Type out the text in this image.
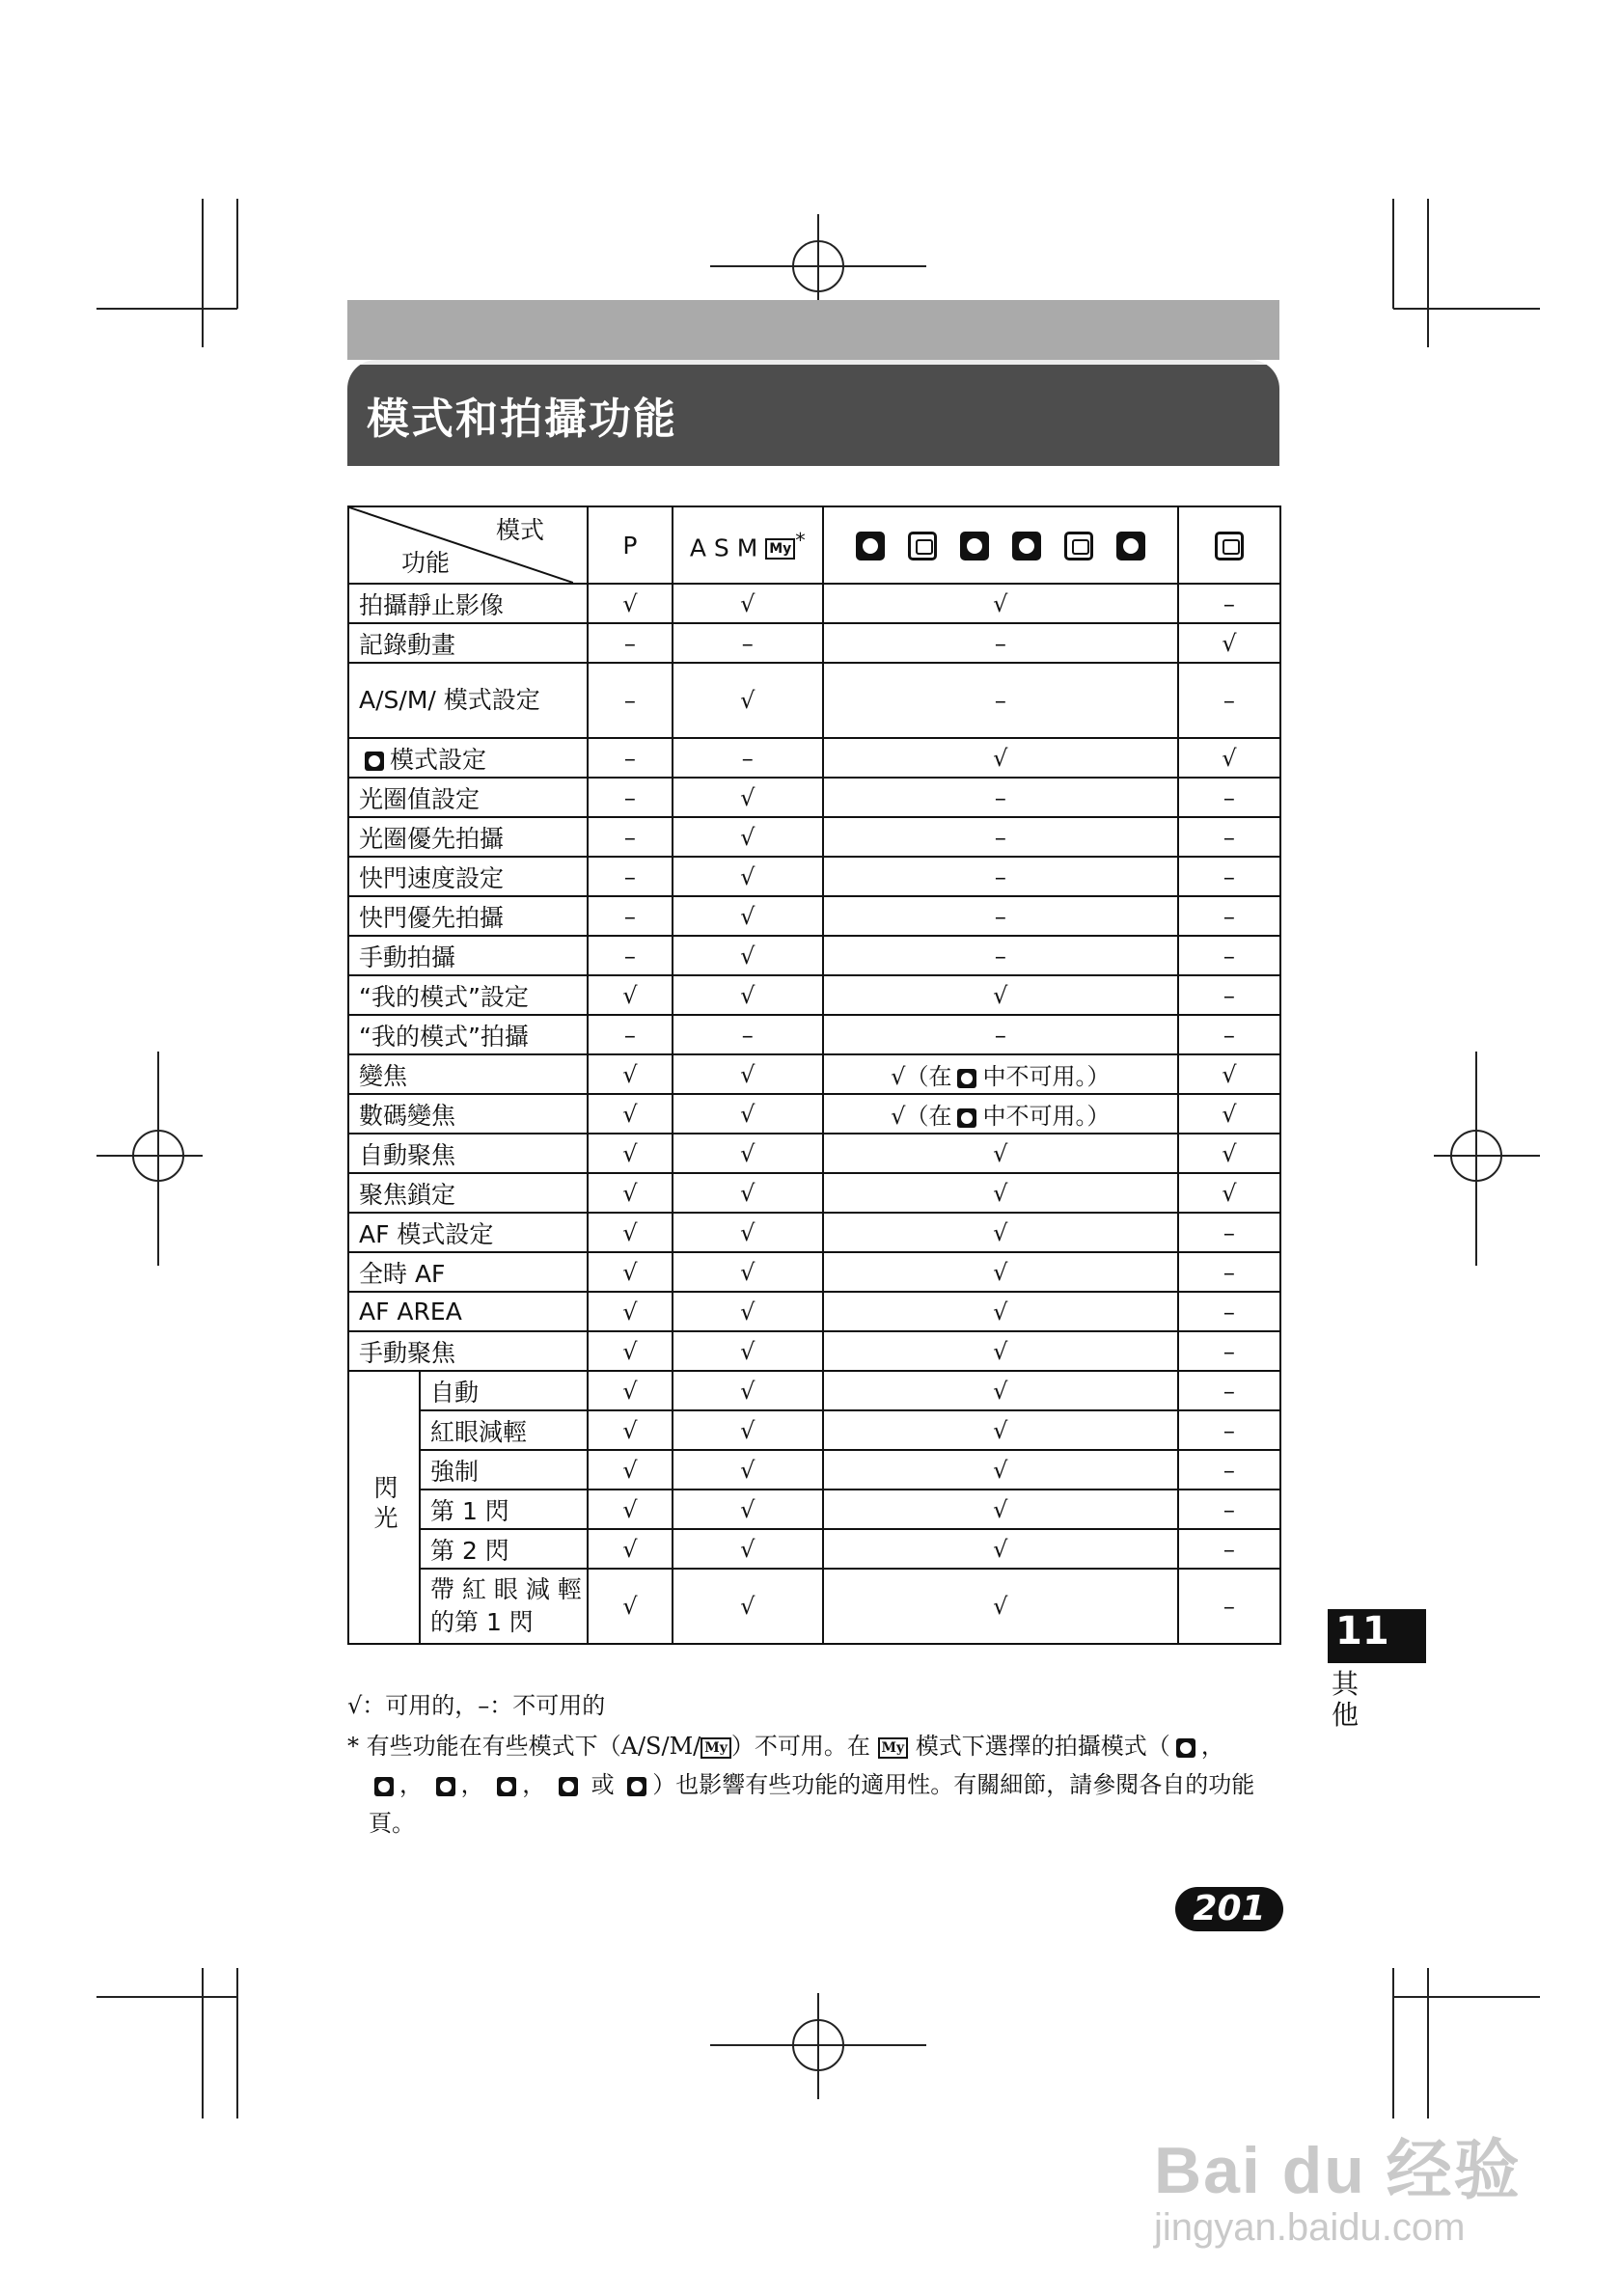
模式和拍攝功能
模式
功能		P	A S M My *		
拍攝靜止影像		√	√	√	–
記錄動畫		–	–	–	√
A/S/M/ 模式設定		–	√	–	–
模式設定		–	–	√	√
光圈值設定		–	√	–	–
光圈優先拍攝		–	√	–	–
快門速度設定		–	√	–	–
快門優先拍攝		–	√	–	–
手動拍攝		–	√	–	–
“我的模式”設定		√	√	√	–
“我的模式”拍攝		–	–	–	–
變焦		√	√	√（在 中不可用。）	√
數碼變焦		√	√	√（在 中不可用。）	√
自動聚焦		√	√	√	√
聚焦鎖定		√	√	√	√
AF 模式設定		√	√	√	–
全時 AF		√	√	√	–
AF AREA		√	√	√	–
手動聚焦		√	√	√	–
閃光	自動	√	√	√	–
	紅眼減輕	√	√	√	–
	強制	√	√	√	–
	第 1 閃	√	√	√	–
	第 2 閃	√	√	√	–
	帶 紅 眼 減 輕 的第 1 閃	√	√	√	–
√：可用的，–：不可用的
* 有些功能在有些模式下（A/S/M/ My ）不可用。在 My 模式下選擇的拍攝模式（ ，
， ， ， 或 ）也影響有些功能的適用性。有關細節，請參閱各自的功能
頁。
11
其他
201
Bai du 经验
jingyan.baidu.com
